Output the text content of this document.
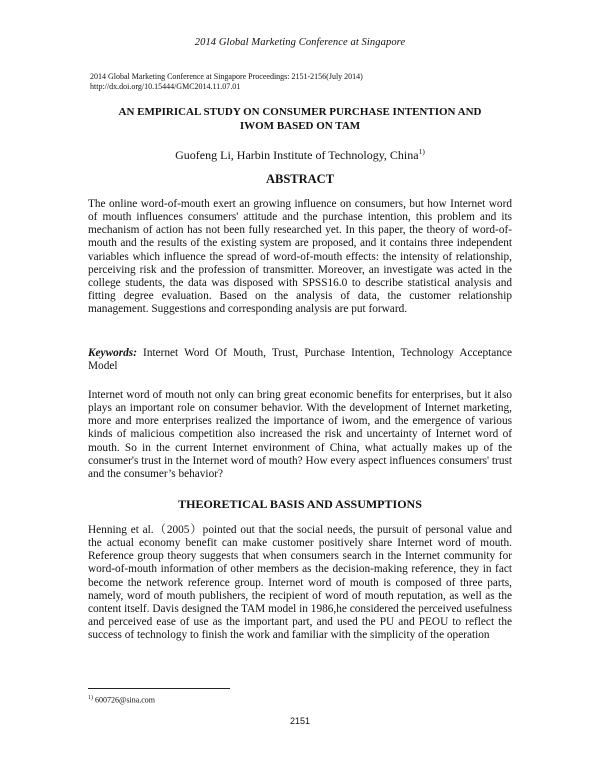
2014 Global Marketing Conference at Singapore
2014 Global Marketing Conference at Singapore Proceedings: 2151-2156(July 2014)
http://dx.doi.org/10.15444/GMC2014.11.07.01
AN EMPIRICAL STUDY ON CONSUMER PURCHASE INTENTION AND
IWOM BASED ON TAM
Guofeng Li, Harbin Institute of Technology, China$^{1)}$
ABSTRACT
The online word-of-mouth exert an growing influence on consumers, but how Internet word of mouth influences consumers' attitude and the purchase intention, this problem and its mechanism of action has not been fully researched yet. In this paper, the theory of word-of-mouth and the results of the existing system are proposed, and it contains three independent variables which influence the spread of word-of-mouth effects: the intensity of relationship, perceiving risk and the profession of transmitter. Moreover, an investigate was acted in the college students, the data was disposed with SPSS16.0 to describe statistical analysis and fitting degree evaluation. Based on the analysis of data, the customer relationship management. Suggestions and corresponding analysis are put forward.
Keywords: Internet Word Of Mouth, Trust, Purchase Intention, Technology Acceptance Model
Internet word of mouth not only can bring great economic benefits for enterprises, but it also plays an important role on consumer behavior. With the development of Internet marketing, more and more enterprises realized the importance of iwom, and the emergence of various kinds of malicious competition also increased the risk and uncertainty of Internet word of mouth. So in the current Internet environment of China, what actually makes up of the consumer's trust in the Internet word of mouth? How every aspect influences consumers' trust and the consumer’s behavior?
THEORETICAL BASIS AND ASSUMPTIONS
Henning et al.（2005）pointed out that the social needs, the pursuit of personal value and the actual economy benefit can make customer positively share Internet word of mouth. Reference group theory suggests that when consumers search in the Internet community for word-of-mouth information of other members as the decision-making reference, they in fact become the network reference group. Internet word of mouth is composed of three parts, namely, word of mouth publishers, the recipient of word of mouth reputation, as well as the content itself. Davis designed the TAM model in 1986,he considered the perceived usefulness and perceived ease of use as the important part, and used the PU and PEOU to reflect the success of technology to finish the work and familiar with the simplicity of the operation
$^{1)}$ 600726@sina.com
2151
